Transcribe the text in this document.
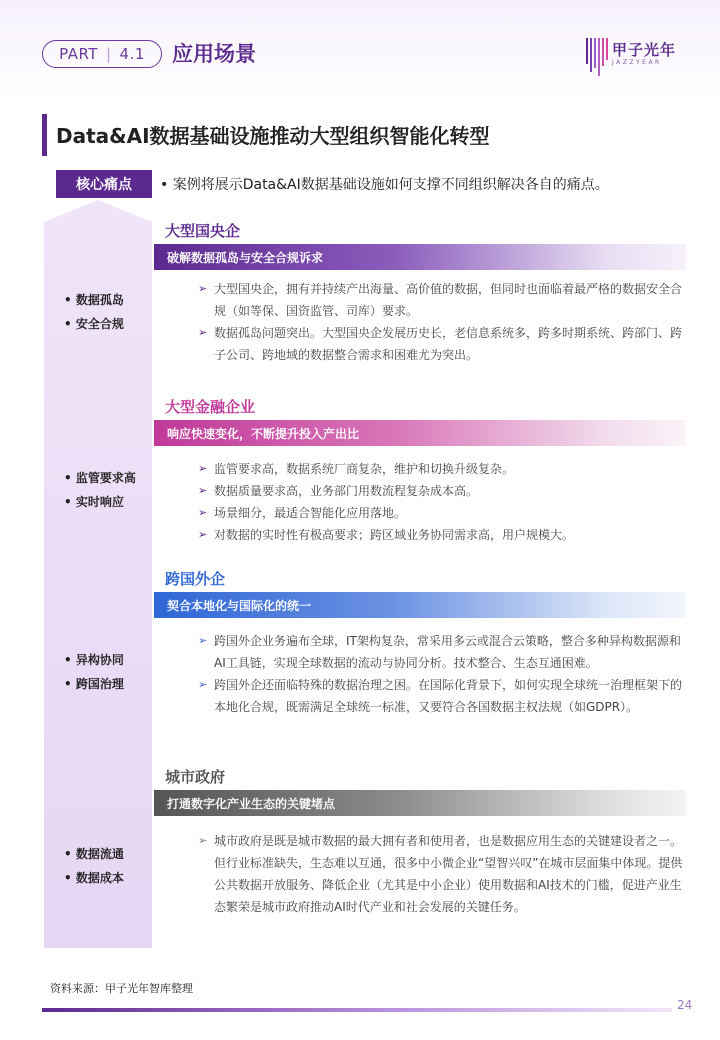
PART | 4.1 应用场景	甲子光年
JAZZYEAR
Data&AI数据基础设施推动大型组织智能化转型
核心痛点	• 案例将展示Data&AI数据基础设施如何支撑不同组织解决各自的痛点。
• 数据孤岛
• 安全合规
• 监管要求高
• 实时响应
• 异构协同
• 跨国治理
• 数据流通
• 数据成本
大型国央企
破解数据孤岛与安全合规诉求
➢ 大型国央企，拥有并持续产出海量、高价值的数据，但同时也面临着最严格的数据安全合规（如等保、国资监管、司库）要求。
➢ 数据孤岛问题突出。大型国央企发展历史长，老信息系统多，跨多时期系统、跨部门、跨子公司、跨地域的数据整合需求和困难尤为突出。
大型金融企业
响应快速变化，不断提升投入产出比
➢ 监管要求高，数据系统厂商复杂，维护和切换升级复杂。
➢ 数据质量要求高，业务部门用数流程复杂成本高。
➢ 场景细分，最适合智能化应用落地。
➢ 对数据的实时性有极高要求；跨区域业务协同需求高，用户规模大。
跨国外企
契合本地化与国际化的统一
➢ 跨国外企业务遍布全球，IT架构复杂，常采用多云或混合云策略，整合多种异构数据源和AI工具链，实现全球数据的流动与协同分析。技术整合、生态互通困难。
➢ 跨国外企还面临特殊的数据治理之困。在国际化背景下，如何实现全球统一治理框架下的本地化合规，既需满足全球统一标准，又要符合各国数据主权法规（如GDPR）。
城市政府
打通数字化产业生态的关键堵点
➢ 城市政府是既是城市数据的最大拥有者和使用者，也是数据应用生态的关键建设者之一。但行业标准缺失，生态难以互通，很多中小微企业“望智兴叹”在城市层面集中体现。提供公共数据开放服务、降低企业（尤其是中小企业）使用数据和AI技术的门槛，促进产业生态繁荣是城市政府推动AI时代产业和社会发展的关键任务。
资料来源：甲子光年智库整理
24
